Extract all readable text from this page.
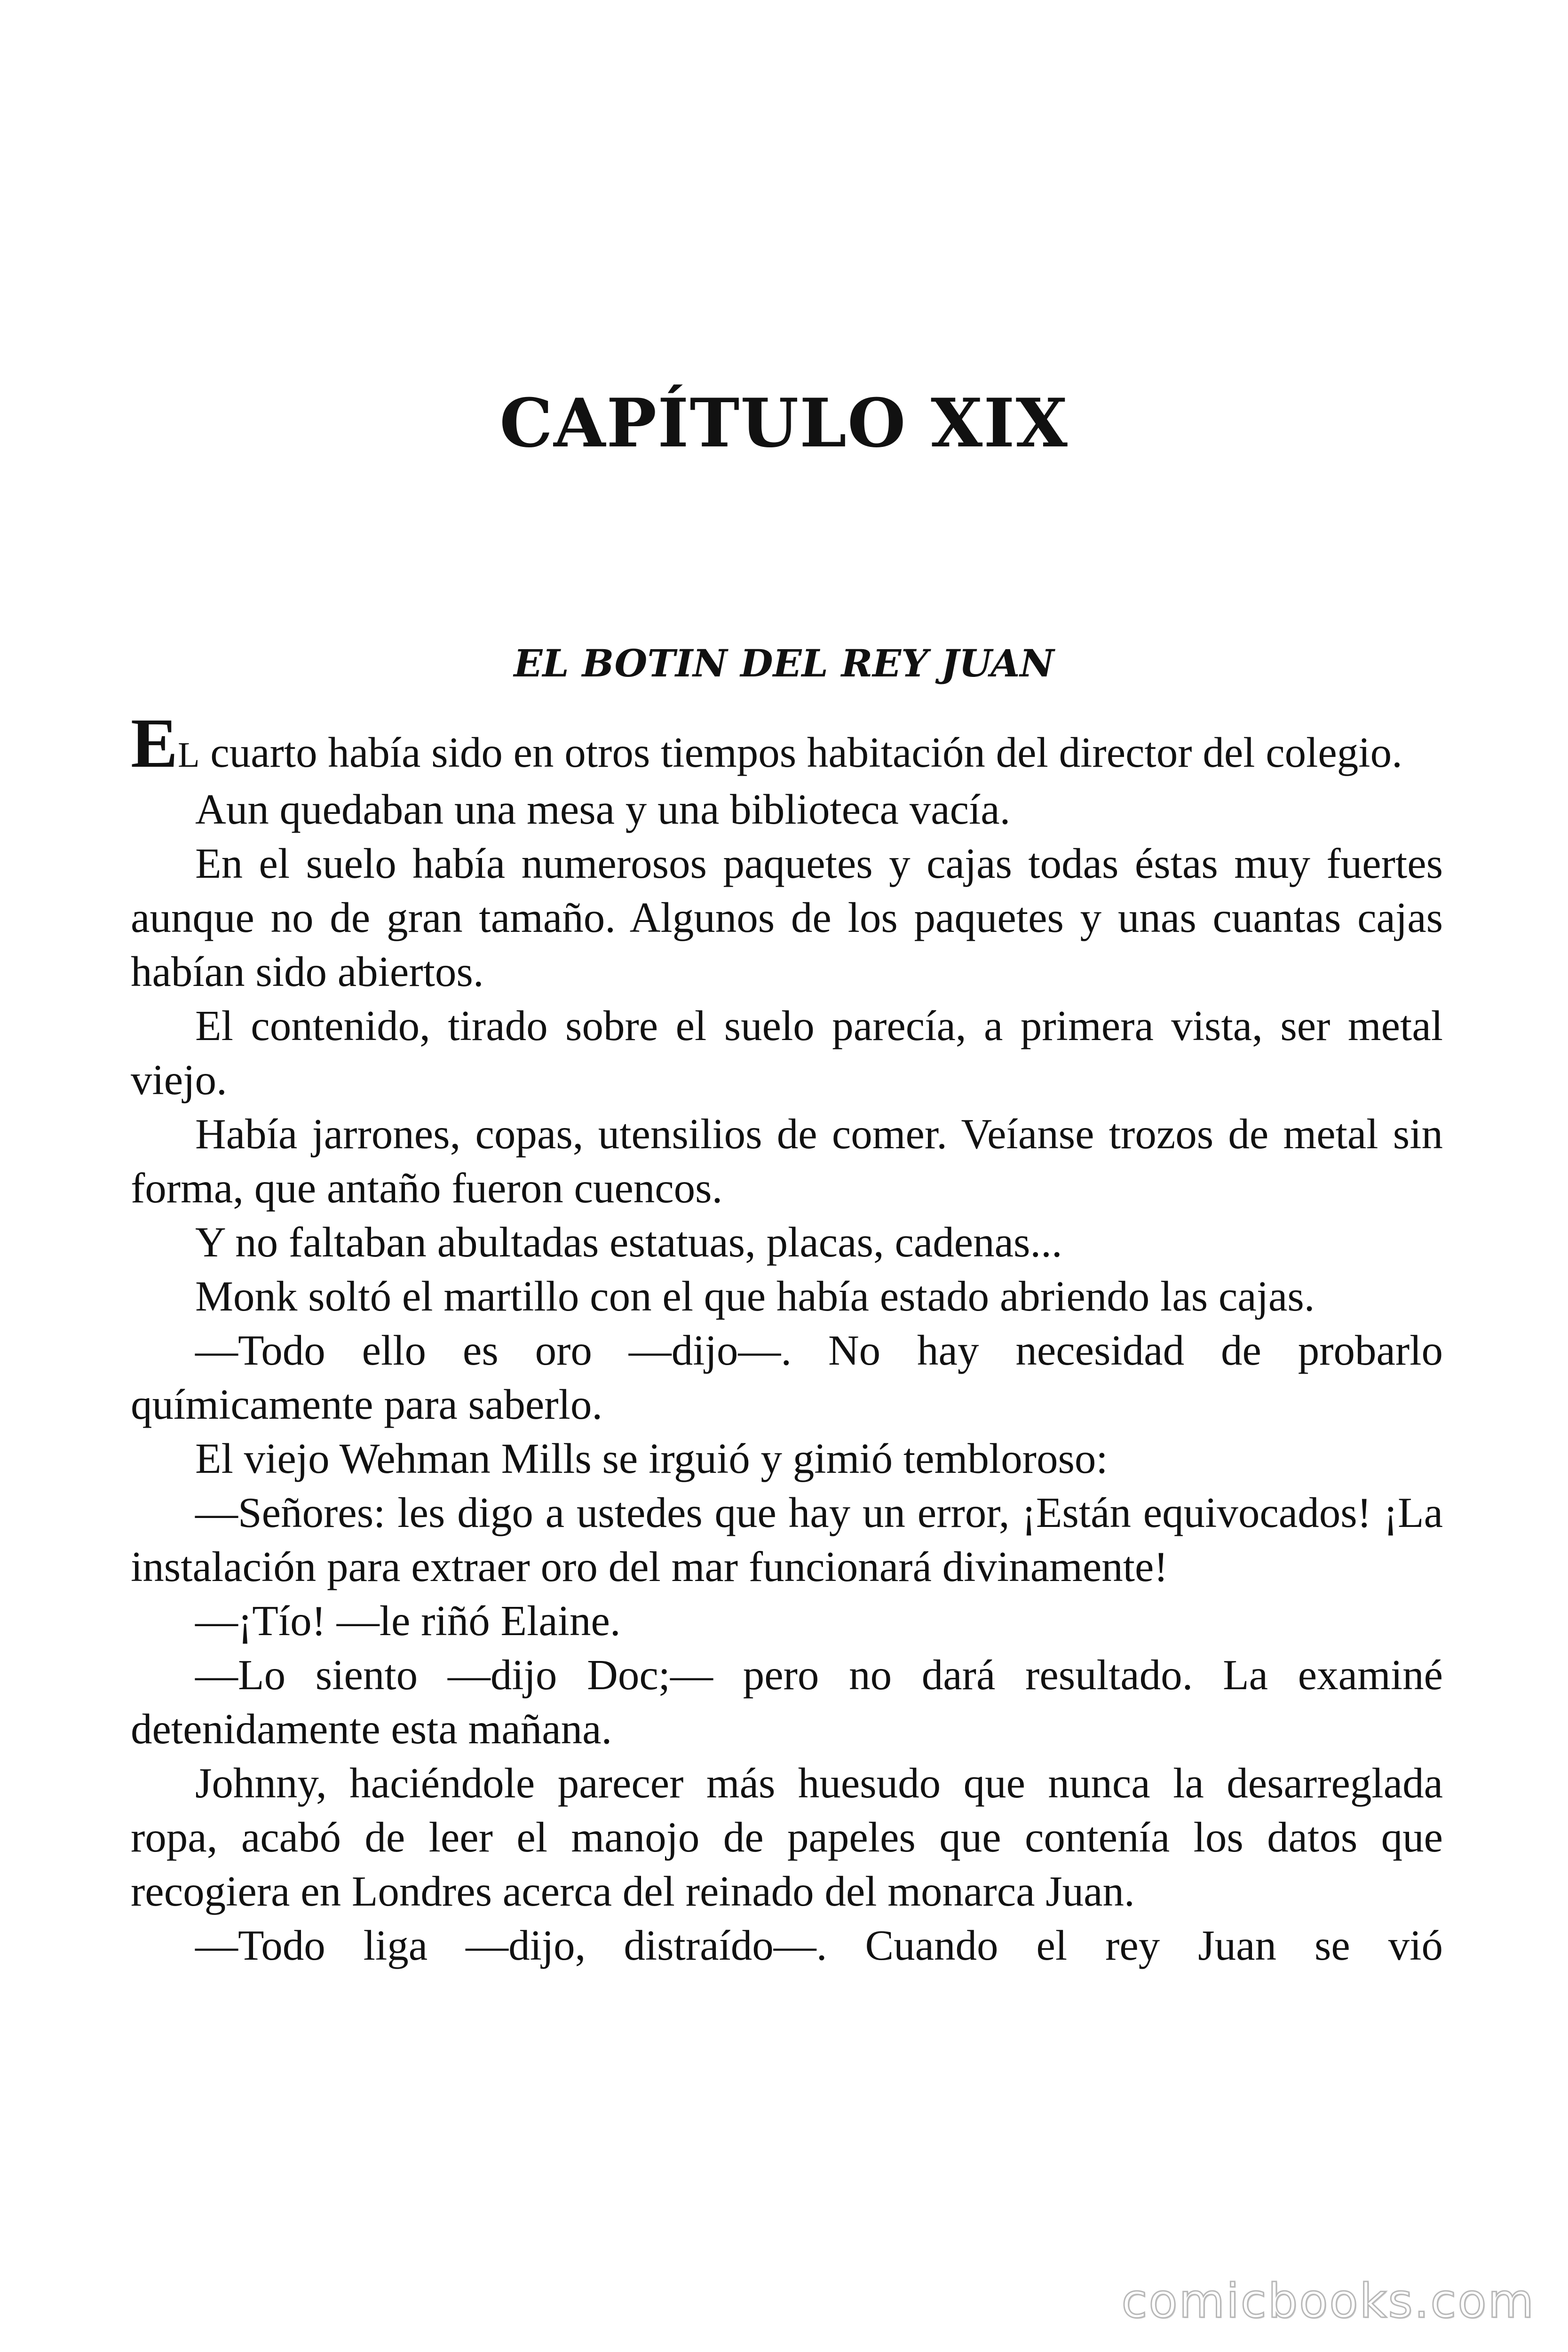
CAPÍTULO XIX
EL BOTIN DEL REY JUAN

EL cuarto había sido en otros tiempos habitación del director del colegio.

Aun quedaban una mesa y una biblioteca vacía.

En el suelo había numerosos paquetes y cajas todas éstas muy fuertes aunque no de gran tamaño. Algunos de los paquetes y unas cuantas cajas habían sido abiertos.

El contenido, tirado sobre el suelo parecía, a primera vista, ser metal viejo.

Había jarrones, copas, utensilios de comer. Veíanse trozos de metal sin forma, que antaño fueron cuencos.

Y no faltaban abultadas estatuas, placas, cadenas...

Monk soltó el martillo con el que había estado abriendo las cajas.

—Todo ello es oro —dijo—. No hay necesidad de probarlo químicamente para saberlo.

El viejo Wehman Mills se irguió y gimió tembloroso:

—Señores: les digo a ustedes que hay un error, ¡Están equivocados! ¡La instalación para extraer oro del mar funcionará divinamente!

—¡Tío! —le riñó Elaine.

—Lo siento —dijo Doc;— pero no dará resultado. La examiné detenidamente esta mañana.

Johnny, haciéndole parecer más huesudo que nunca la desarreglada ropa, acabó de leer el manojo de papeles que contenía los datos que recogiera en Londres acerca del reinado del monarca Juan.

—Todo liga —dijo, distraído—. Cuando el rey Juan se vió

comicbooks.com
